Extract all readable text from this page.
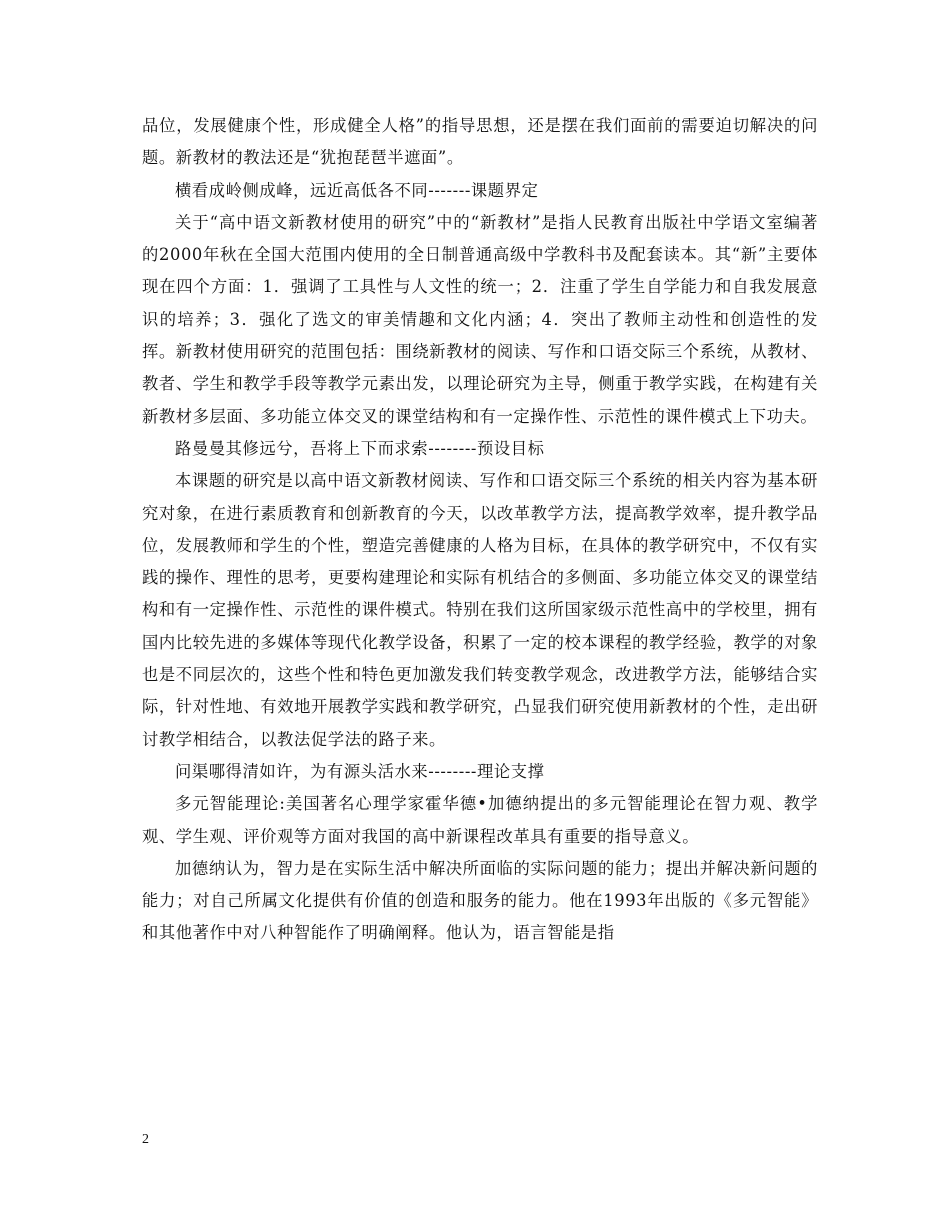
品位，发展健康个性，形成健全人格”的指导思想，还是摆在我们面前的需要迫切解决的问题。新教材的教法还是“犹抱琵琶半遮面”。

横看成岭侧成峰，远近高低各不同-------课题界定

关于“高中语文新教材使用的研究”中的“新教材”是指人民教育出版社中学语文室编著的2000年秋在全国大范围内使用的全日制普通高级中学教科书及配套读本。其“新”主要体现在四个方面：1．强调了工具性与人文性的统一；2．注重了学生自学能力和自我发展意识的培养；3．强化了选文的审美情趣和文化内涵；4．突出了教师主动性和创造性的发挥。新教材使用研究的范围包括：围绕新教材的阅读、写作和口语交际三个系统，从教材、教者、学生和教学手段等教学元素出发，以理论研究为主导，侧重于教学实践，在构建有关新教材多层面、多功能立体交叉的课堂结构和有一定操作性、示范性的课件模式上下功夫。

路曼曼其修远兮，吾将上下而求索--------预设目标

本课题的研究是以高中语文新教材阅读、写作和口语交际三个系统的相关内容为基本研究对象，在进行素质教育和创新教育的今天，以改革教学方法，提高教学效率，提升教学品位，发展教师和学生的个性，塑造完善健康的人格为目标，在具体的教学研究中，不仅有实践的操作、理性的思考，更要构建理论和实际有机结合的多侧面、多功能立体交叉的课堂结构和有一定操作性、示范性的课件模式。特别在我们这所国家级示范性高中的学校里，拥有国内比较先进的多媒体等现代化教学设备，积累了一定的校本课程的教学经验，教学的对象也是不同层次的，这些个性和特色更加激发我们转变教学观念，改进教学方法，能够结合实际，针对性地、有效地开展教学实践和教学研究，凸显我们研究使用新教材的个性，走出研讨教学相结合，以教法促学法的路子来。

问渠哪得清如许，为有源头活水来--------理论支撑

多元智能理论:美国著名心理学家霍华德•加德纳提出的多元智能理论在智力观、教学观、学生观、评价观等方面对我国的高中新课程改革具有重要的指导意义。

加德纳认为，智力是在实际生活中解决所面临的实际问题的能力；提出并解决新问题的能力；对自己所属文化提供有价值的创造和服务的能力。他在1993年出版的《多元智能》和其他著作中对八种智能作了明确阐释。他认为，语言智能是指

2
